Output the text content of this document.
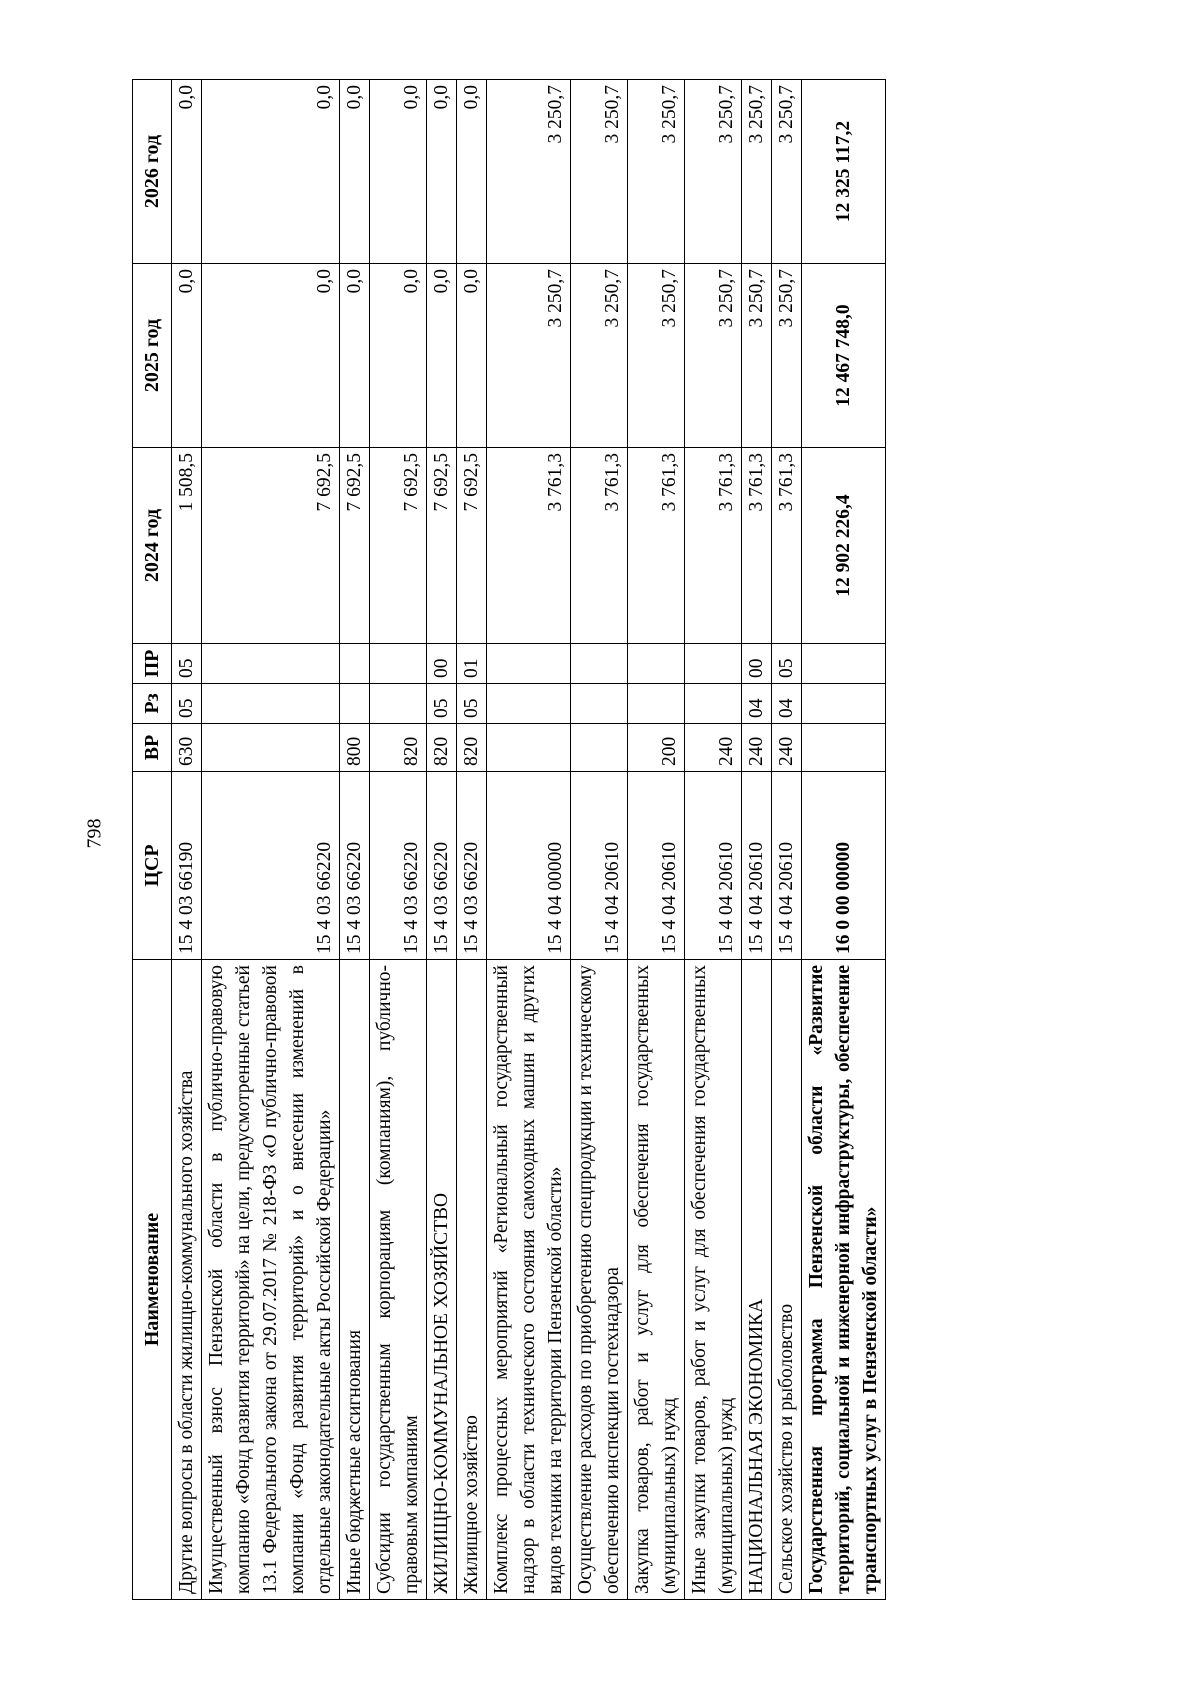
798
Наименование	ЦСР	ВР	Рз	ПР	2024 год	2025 год	2026 год
Другие вопросы в области жилищно-коммунального хозяйства	15 4 03 66190	630	05	05	1 508,5	0,0	0,0
Имущественный взнос Пензенской области в публично-правовую компанию «Фонд развития территорий» на цели, предусмотренные статьей 13.1 Федерального закона от 29.07.2017 № 218-ФЗ «О публично-правовой компании «Фонд развития территорий» и о внесении изменений в отдельные законодательные акты Российской Федерации»	15 4 03 66220				7 692,5	0,0	0,0
Иные бюджетные ассигнования	15 4 03 66220	800			7 692,5	0,0	0,0
Субсидии государственным корпорациям (компаниям), публично-правовым компаниям	15 4 03 66220	820			7 692,5	0,0	0,0
ЖИЛИЩНО-КОММУНАЛЬНОЕ ХОЗЯЙСТВО	15 4 03 66220	820	05	00	7 692,5	0,0	0,0
Жилищное хозяйство	15 4 03 66220	820	05	01	7 692,5	0,0	0,0
Комплекс процессных мероприятий «Региональный государственный надзор в области технического состояния самоходных машин и других видов техники на территории Пензенской области»	15 4 04 00000				3 761,3	3 250,7	3 250,7
Осуществление расходов по приобретению спецпродукции и техническому обеспечению инспекции гостехнадзора	15 4 04 20610				3 761,3	3 250,7	3 250,7
Закупка товаров, работ и услуг для обеспечения государственных (муниципальных) нужд	15 4 04 20610	200			3 761,3	3 250,7	3 250,7
Иные закупки товаров, работ и услуг для обеспечения государственных (муниципальных) нужд	15 4 04 20610	240			3 761,3	3 250,7	3 250,7
НАЦИОНАЛЬНАЯ ЭКОНОМИКА	15 4 04 20610	240	04	00	3 761,3	3 250,7	3 250,7
Сельское хозяйство и рыболовство	15 4 04 20610	240	04	05	3 761,3	3 250,7	3 250,7
Государственная программа Пензенской области «Развитие территорий, социальной и инженерной инфраструктуры, обеспечение транспортных услуг в Пензенской области»	16 0 00 00000				12 902 226,4	12 467 748,0	12 325 117,2
